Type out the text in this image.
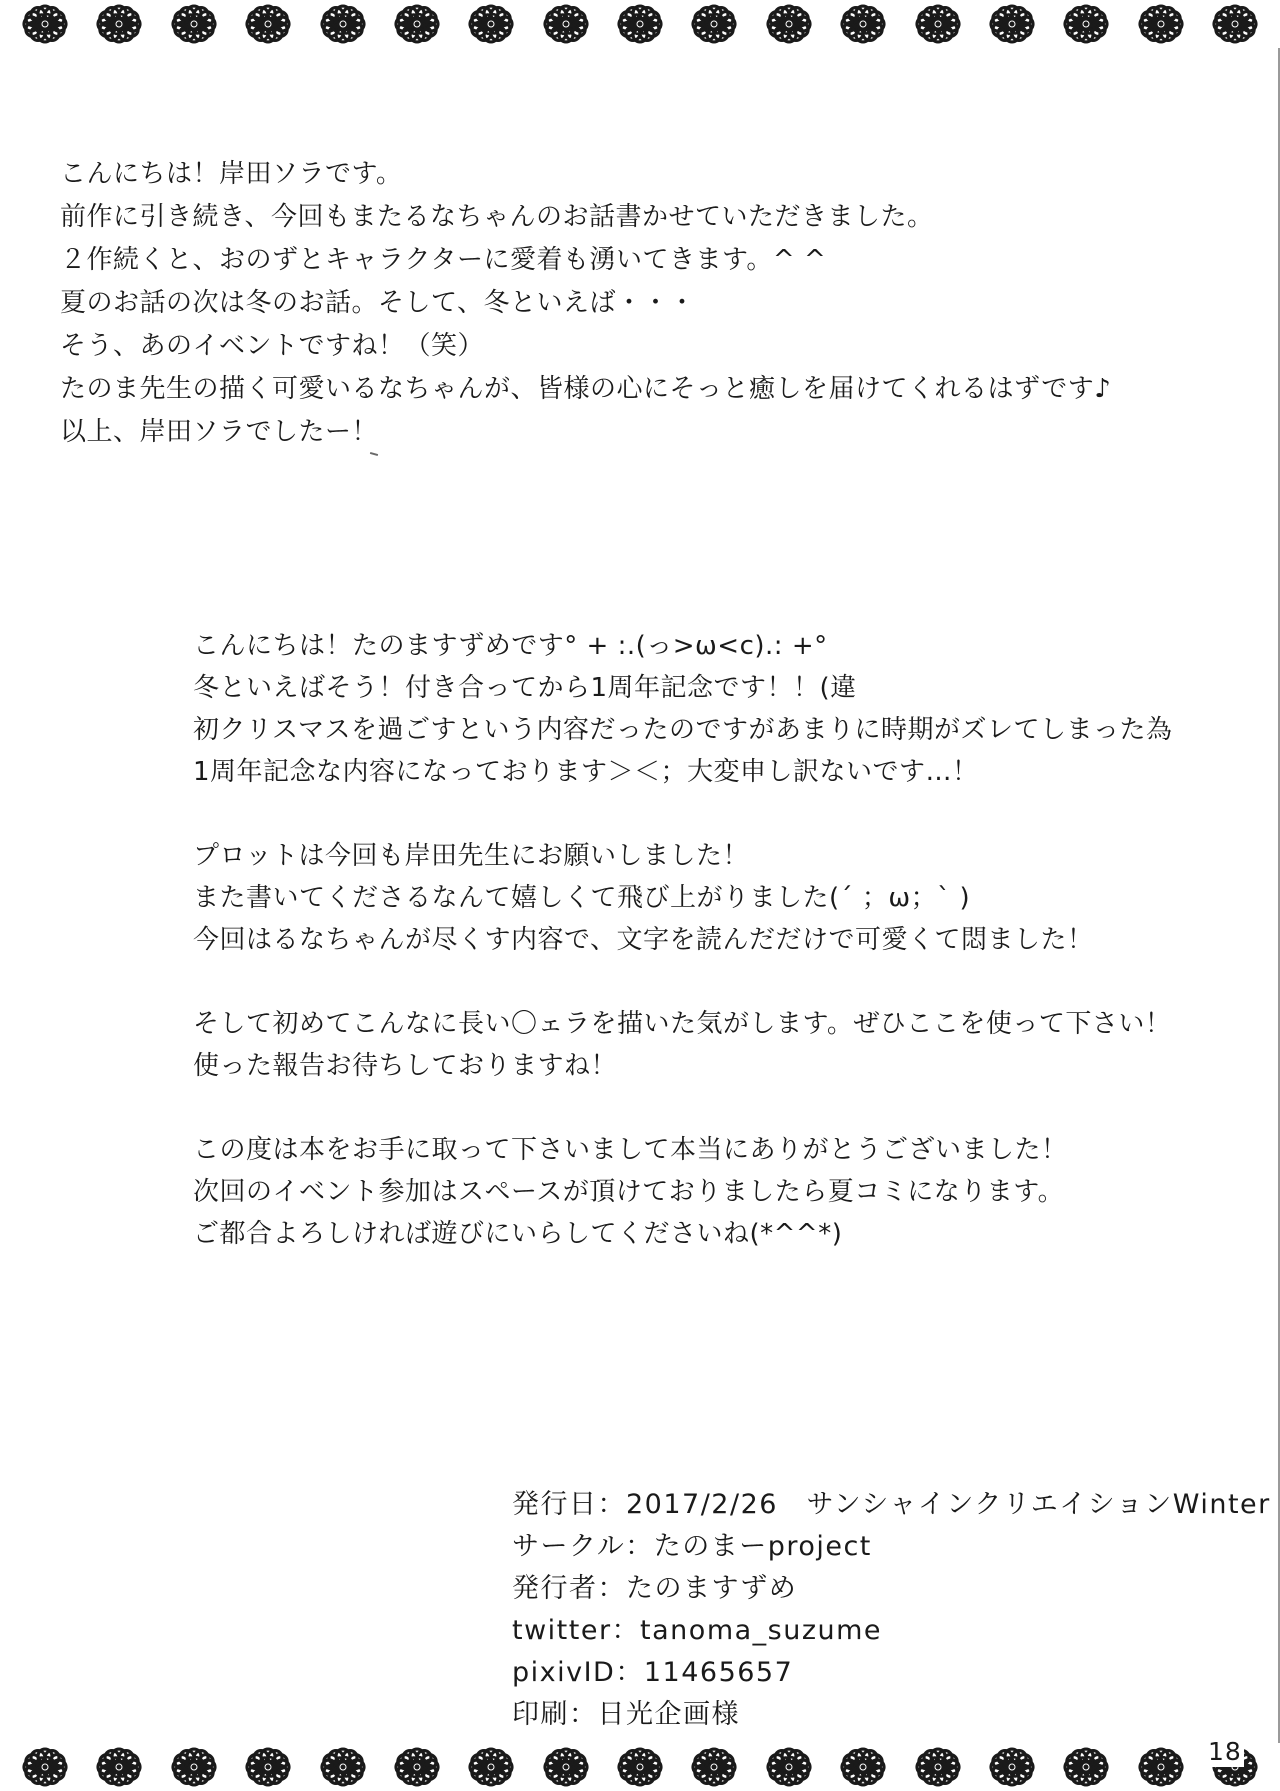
こんにちは！岸田ソラです。
前作に引き続き、今回もまたるなちゃんのお話書かせていただきました。
２作続くと、おのずとキャラクターに愛着も湧いてきます。^ ^
夏のお話の次は冬のお話。そして、冬といえば・・・
そう、あのイベントですね！（笑）
たのま先生の描く可愛いるなちゃんが、皆様の心にそっと癒しを届けてくれるはずです♪
以上、岸田ソラでしたー！
こんにちは！たのますずめです° + :.(っ>ω<c).: +°
冬といえばそう！付き合ってから1周年記念です！！(違
初クリスマスを過ごすという内容だったのですがあまりに時期がズレてしまった為
1周年記念な内容になっております＞＜；大変申し訳ないです…！
プロットは今回も岸田先生にお願いしました！
また書いてくださるなんて嬉しくて飛び上がりました(´ ；ω；` )
今回はるなちゃんが尽くす内容で、文字を読んだだけで可愛くて悶ました！
そして初めてこんなに長い〇ェラを描いた気がします。ぜひここを使って下さい！
使った報告お待ちしておりますね！
この度は本をお手に取って下さいまして本当にありがとうございました！
次回のイベント参加はスペースが頂けておりましたら夏コミになります。
ご都合よろしければ遊びにいらしてくださいね(*^^*)
発行日：2017/2/26　サンシャインクリエイションWinter
サークル：たのまーproject
発行者：たのますずめ
twitter：tanoma_suzume
pixivID：11465657
印刷：日光企画様
18
